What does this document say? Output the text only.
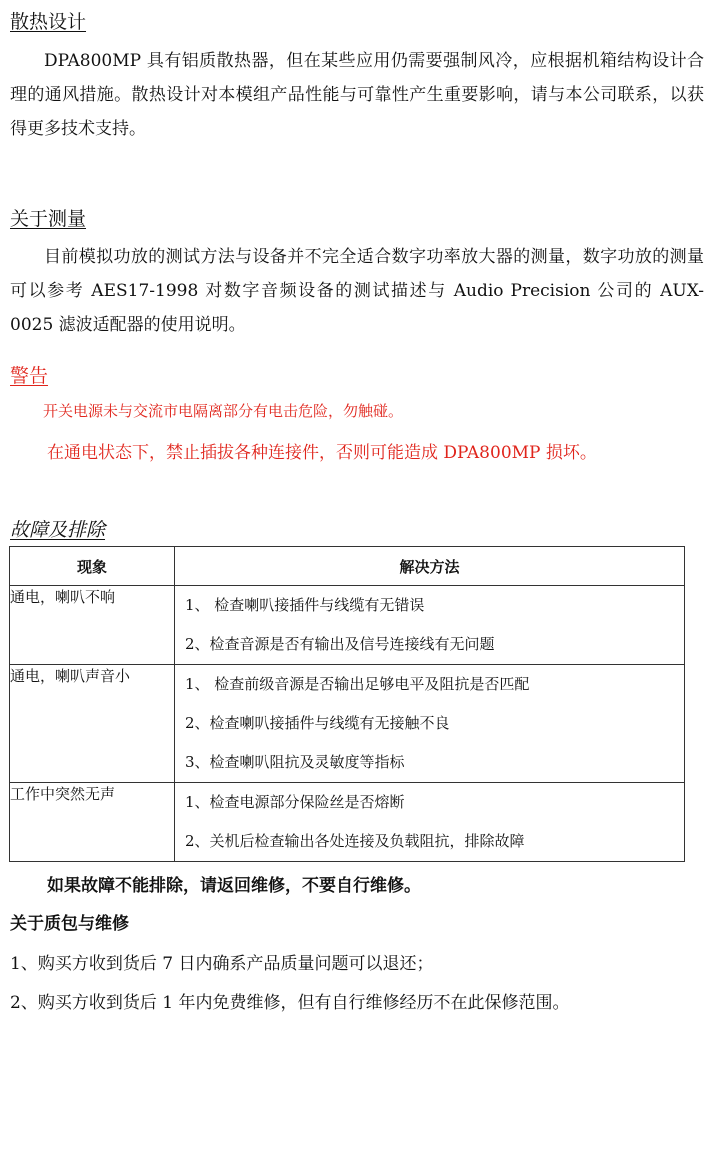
散热设计

DPA800MP 具有铝质散热器，但在某些应用仍需要强制风冷，应根据机箱结构设计合理的通风措施。散热设计对本模组产品性能与可靠性产生重要影响，请与本公司联系，以获得更多技术支持。

关于测量

目前模拟功放的测试方法与设备并不完全适合数字功率放大器的测量，数字功放的测量可以参考 AES17-1998 对数字音频设备的测试描述与 Audio Precision 公司的 AUX-0025 滤波适配器的使用说明。

警告
开关电源未与交流市电隔离部分有电击危险，勿触碰。
在通电状态下，禁止插拔各种连接件，否则可能造成 DPA800MP 损坏。
故障及排除
现象	解决方法
通电，喇叭不响	1、 检查喇叭接插件与线缆有无错误
2、检查音源是否有输出及信号连接线有无问题

通电，喇叭声音小	1、 检查前级音源是否输出足够电平及阻抗是否匹配
2、检查喇叭接插件与线缆有无接触不良
3、检查喇叭阻抗及灵敏度等指标

工作中突然无声	1、检查电源部分保险丝是否熔断
2、关机后检查输出各处连接及负载阻抗，排除故障
如果故障不能排除，请返回维修，不要自行维修。
关于质包与维修
1、购买方收到货后 7 日内确系产品质量问题可以退还；
2、购买方收到货后 1 年内免费维修，但有自行维修经历不在此保修范围。
